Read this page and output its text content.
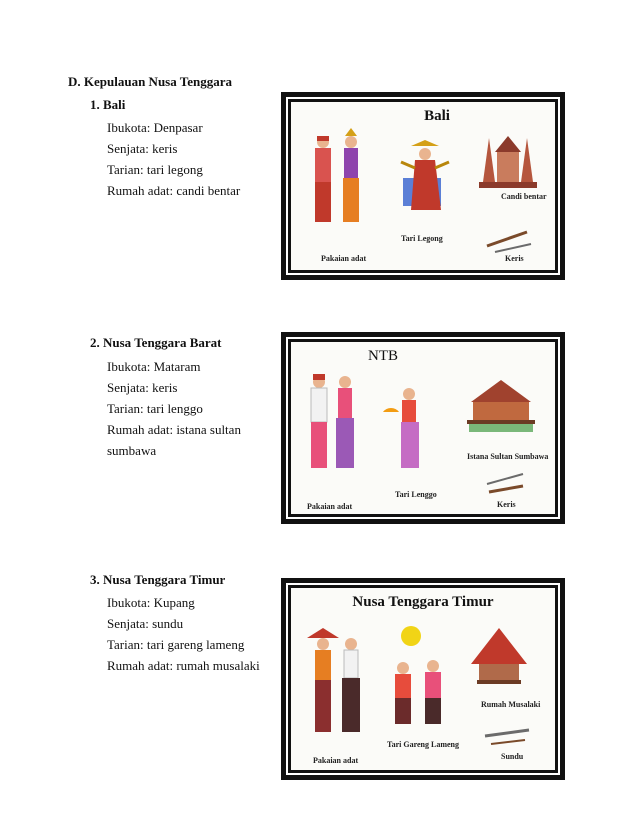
D. Kepulauan Nusa Tenggara
1. Bali
Ibukota: Denpasar
Senjata: keris
Tarian: tari legong
Rumah adat: candi bentar
Bali
Pakaian adat
Tari Legong
Candi bentar
Keris
2. Nusa Tenggara Barat
Ibukota: Mataram
Senjata: keris
Tarian: tari lenggo
Rumah adat: istana sultan
sumbawa
NTB
Pakaian adat
Tari Lenggo
Istana Sultan Sumbawa
Keris
3. Nusa Tenggara Timur
Ibukota: Kupang
Senjata: sundu
Tarian: tari gareng lameng
Rumah adat: rumah musalaki
Nusa Tenggara Timur
Pakaian adat
Tari Gareng Lameng
Rumah Musalaki
Sundu
